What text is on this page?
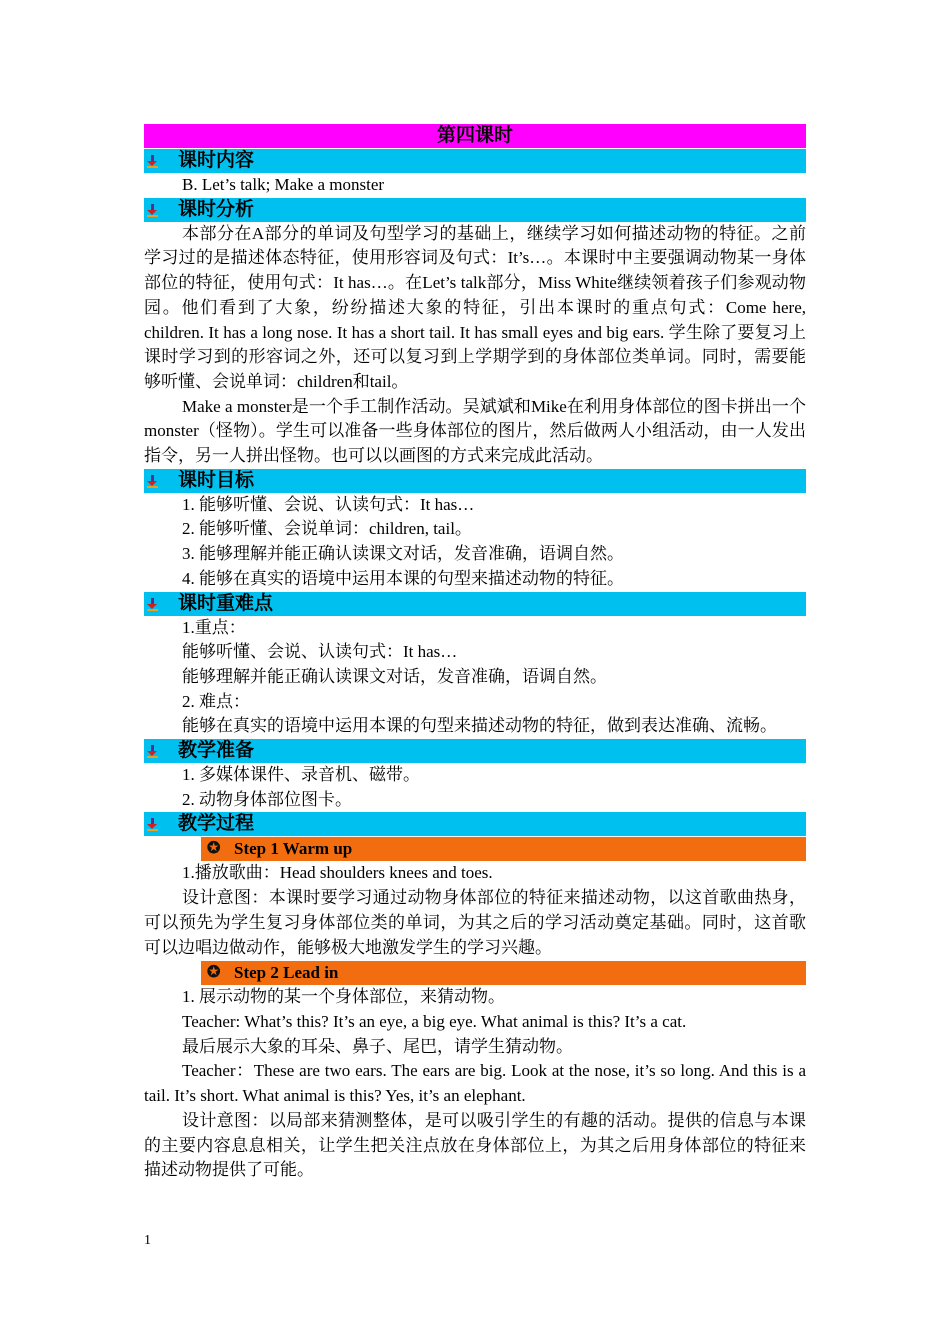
第四课时
课时内容

B. Let’s talk; Make a monster

课时分析

本部分在A部分的单词及句型学习的基础上，继续学习如何描述动物的特征。之前学习过的是描述体态特征，使用形容词及句式：It’s…。本课时中主要强调动物某一身体部位的特征，使用句式：It has…。在Let’s talk部分，Miss White继续领着孩子们参观动物园。他们看到了大象，纷纷描述大象的特征，引出本课时的重点句式：Come here, children. It has a long nose. It has a short tail. It has small eyes and big ears. 学生除了要复习上课时学习到的形容词之外，还可以复习到上学期学到的身体部位类单词。同时，需要能够听懂、会说单词：children和tail。

Make a monster是一个手工制作活动。吴斌斌和Mike在利用身体部位的图卡拼出一个monster（怪物）。学生可以准备一些身体部位的图片，然后做两人小组活动，由一人发出指令，另一人拼出怪物。也可以以画图的方式来完成此活动。

课时目标

1. 能够听懂、会说、认读句式：It has…

2. 能够听懂、会说单词：children, tail。

3. 能够理解并能正确认读课文对话，发音准确，语调自然。

4. 能够在真实的语境中运用本课的句型来描述动物的特征。

课时重难点

1.重点：

能够听懂、会说、认读句式：It has…

能够理解并能正确认读课文对话，发音准确，语调自然。

2. 难点：

能够在真实的语境中运用本课的句型来描述动物的特征，做到表达准确、流畅。

教学准备

1. 多媒体课件、录音机、磁带。

2. 动物身体部位图卡。

教学过程
✪ Step 1 Warm up

1.播放歌曲：Head shoulders knees and toes.

设计意图：本课时要学习通过动物身体部位的特征来描述动物，以这首歌曲热身，可以预先为学生复习身体部位类的单词，为其之后的学习活动奠定基础。同时，这首歌可以边唱边做动作，能够极大地激发学生的学习兴趣。

✪ Step 2 Lead in

1. 展示动物的某一个身体部位，来猜动物。

Teacher: What’s this? It’s an eye, a big eye. What animal is this? It’s a cat.

最后展示大象的耳朵、鼻子、尾巴，请学生猜动物。

Teacher：These are two ears. The ears are big. Look at the nose, it’s so long. And this is a tail. It’s short. What animal is this? Yes, it’s an elephant.

设计意图：以局部来猜测整体，是可以吸引学生的有趣的活动。提供的信息与本课的主要内容息息相关，让学生把关注点放在身体部位上，为其之后用身体部位的特征来描述动物提供了可能。

1
